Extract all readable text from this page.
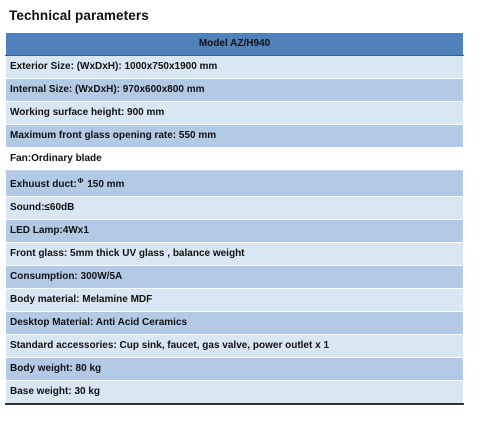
Technical parameters
Model AZ/H940
Exterior Size: (WxDxH): 1000x750x1900 mm
Internal Size: (WxDxH): 970x600x800 mm
Working surface height: 900 mm
Maximum front glass opening rate: 550 mm
Fan:Ordinary blade
Exhuust duct:$^\Phi$ 150 mm
Sound:≤60dB
LED Lamp:4Wx1
Front glass: 5mm thick UV glass , balance weight
Consumption: 300W/5A
Body material: Melamine MDF
Desktop Material: Anti Acid Ceramics
Standard accessories: Cup sink, faucet, gas valve, power outlet x 1
Body weight: 80 kg
Base weight: 30 kg
